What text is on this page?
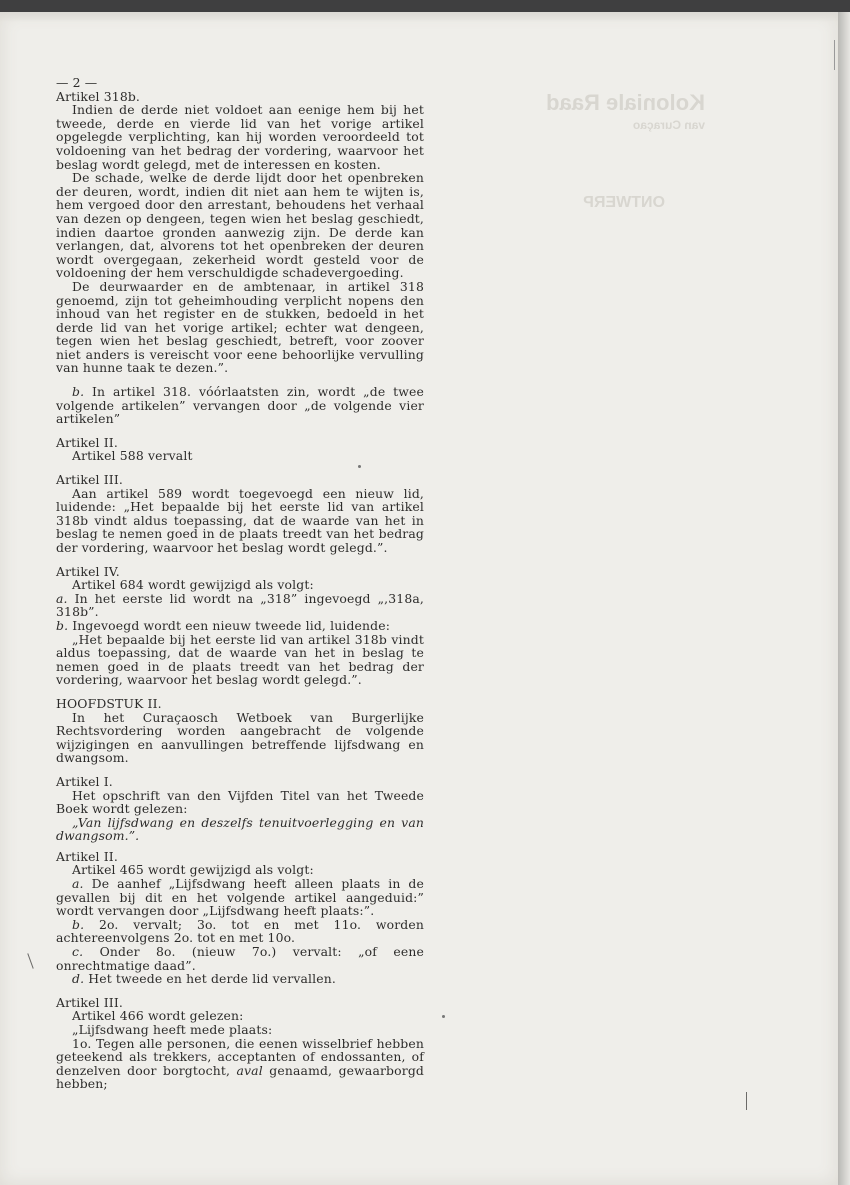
Koloniale Raad
van Curaçao
ONTWERP

— 2 —

Artikel 318b.

Indien de derde niet voldoet aan eenige hem bij het tweede, derde en vierde lid van het vorige artikel opgelegde verplichting, kan hij worden veroordeeld tot voldoening van het bedrag der vordering, waarvoor het beslag wordt gelegd, met de interessen en kosten.

De schade, welke de derde lijdt door het openbreken der deuren, wordt, indien dit niet aan hem te wijten is, hem vergoed door den arrestant, behoudens het verhaal van dezen op dengeen, tegen wien het beslag geschiedt, indien daartoe gronden aanwezig zijn. De derde kan verlangen, dat, alvorens tot het openbreken der deuren wordt overgegaan, zekerheid wordt gesteld voor de voldoening der hem verschuldigde schadevergoeding.

De deurwaarder en de ambtenaar, in artikel 318 genoemd, zijn tot geheimhouding verplicht nopens den inhoud van het register en de stukken, bedoeld in het derde lid van het vorige artikel; echter wat dengeen, tegen wien het beslag geschiedt, betreft, voor zoover niet anders is vereischt voor eene behoorlijke vervulling van hunne taak te dezen.”.

b. In artikel 318. vóórlaatsten zin, wordt „de twee volgende artikelen” vervangen door „de volgende vier artikelen”

Artikel II.

Artikel 588 vervalt

Artikel III.

Aan artikel 589 wordt toegevoegd een nieuw lid, luidende: „Het bepaalde bij het eerste lid van artikel 318b vindt aldus toepassing, dat de waarde van het in beslag te nemen goed in de plaats treedt van het bedrag der vordering, waarvoor het beslag wordt gelegd.”.

Artikel IV.

Artikel 684 wordt gewijzigd als volgt:

a. In het eerste lid wordt na „318” ingevoegd „,318a, 318b”.

b. Ingevoegd wordt een nieuw tweede lid, luidende:

„Het bepaalde bij het eerste lid van artikel 318b vindt aldus toepassing, dat de waarde van het in beslag te nemen goed in de plaats treedt van het bedrag der vordering, waarvoor het beslag wordt gelegd.”.

HOOFDSTUK II.

In het Curaçaosch Wetboek van Burgerlijke Rechtsvordering worden aangebracht de volgende wijzigingen en aanvullingen betreffende lijfsdwang en dwangsom.

Artikel I.

Het opschrift van den Vijfden Titel van het Tweede Boek wordt gelezen:

„Van lijfsdwang en deszelfs tenuitvoerlegging en van dwangsom.”.

Artikel II.

Artikel 465 wordt gewijzigd als volgt:

a. De aanhef „Lijfsdwang heeft alleen plaats in de gevallen bij dit en het volgende artikel aangeduid:” wordt vervangen door „Lijfsdwang heeft plaats:”.

b. 2o. vervalt; 3o. tot en met 11o. worden achtereenvolgens 2o. tot en met 10o.

c. Onder 8o. (nieuw 7o.) vervalt: „of eene onrechtmatige daad”.

d. Het tweede en het derde lid vervallen.

Artikel III.

Artikel 466 wordt gelezen:

„Lijfsdwang heeft mede plaats:

1o. Tegen alle personen, die eenen wisselbrief hebben geteekend als trekkers, acceptanten of endossanten, of denzelven door borgtocht, aval genaamd, gewaarborgd hebben;
